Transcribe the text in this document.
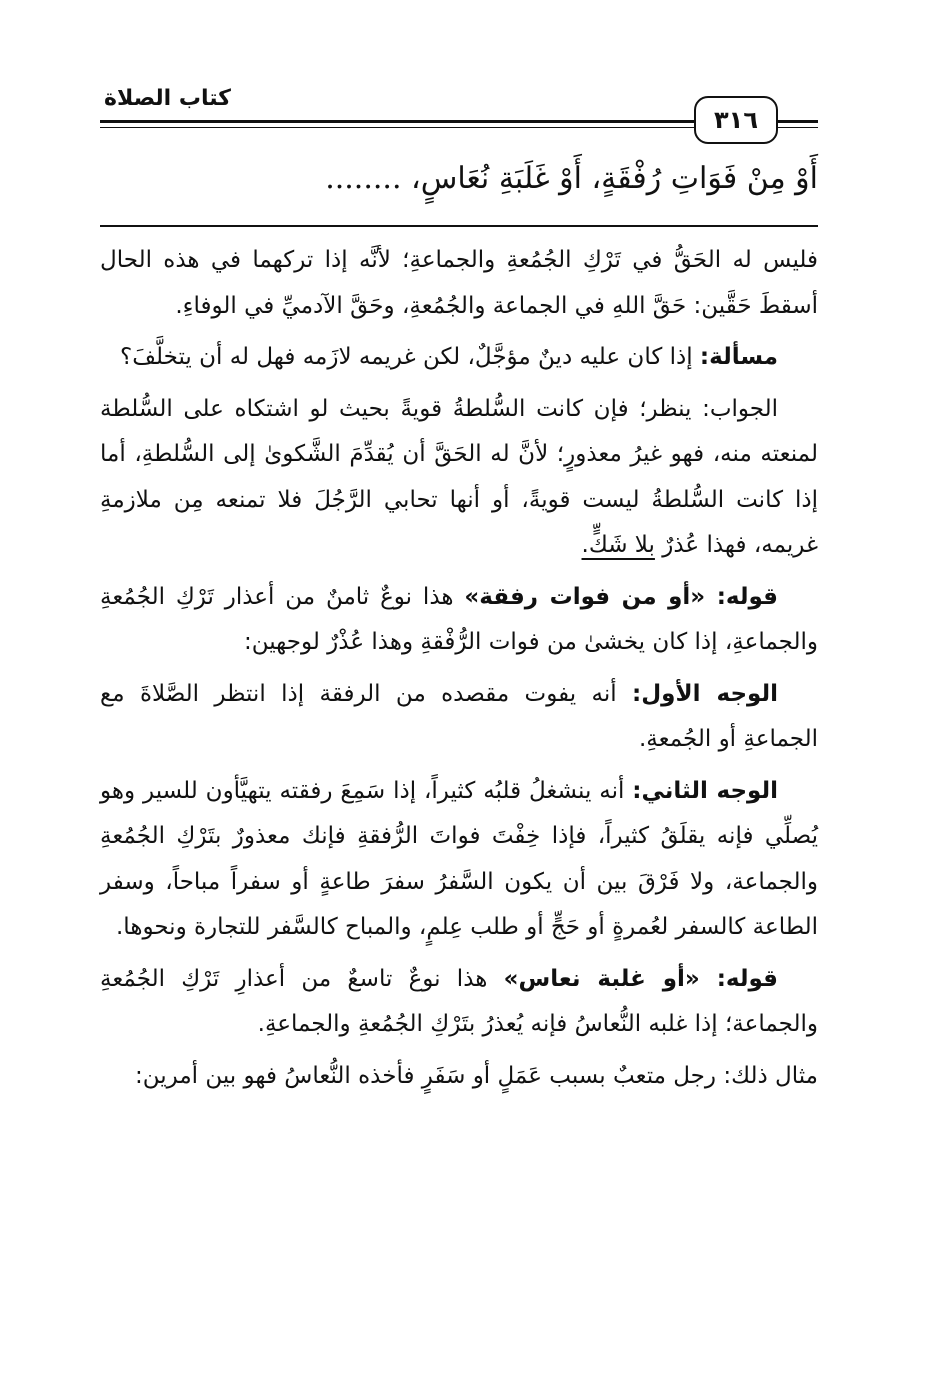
كتاب الصلاة
٣١٦
أَوْ مِنْ فَوَاتِ رُفْقَةٍ، أَوْ غَلَبَةِ نُعَاسٍ، ........

فليس له الحَقُّ في تَرْكِ الجُمُعةِ والجماعةِ؛ لأنَّه إذا تركهما في هذه الحال أسقطَ حَقَّين: حَقَّ اللهِ في الجماعة والجُمُعةِ، وحَقَّ الآدميِّ في الوفاءِ.

مسألة: إذا كان عليه دينٌ مؤجَّلٌ، لكن غريمه لازَمه فهل له أن يتخلَّفَ؟

الجواب: ينظر؛ فإن كانت السُّلطةُ قويةً بحيث لو اشتكاه على السُّلطة لمنعته منه، فهو غيرُ معذورٍ؛ لأنَّ له الحَقَّ أن يُقدِّمَ الشَّكوىٰ إلى السُّلطةِ، أما إذا كانت السُّلطةُ ليست قويةً، أو أنها تحابي الرَّجُلَ فلا تمنعه مِن ملازمةِ غريمه، فهذا عُذرٌ بلا شَكٍّ.

قوله: «أو من فوات رفقة» هذا نوعٌ ثامنٌ من أعذار تَرْكِ الجُمُعةِ والجماعةِ، إذا كان يخشىٰ من فوات الرُّفْقةِ وهذا عُذْرٌ لوجهين:

الوجه الأول: أنه يفوت مقصده من الرفقة إذا انتظر الصَّلاةَ مع الجماعةِ أو الجُمعةِ.

الوجه الثاني: أنه ينشغلُ قلبُه كثيراً، إذا سَمِعَ رفقته يتهيَّأون للسير وهو يُصلِّي فإنه يقلَقُ كثيراً، فإذا خِفْتَ فواتَ الرُّفقةِ فإنك معذورٌ بتَرْكِ الجُمُعةِ والجماعة، ولا فَرْقَ بين أن يكون السَّفرُ سفرَ طاعةٍ أو سفراً مباحاً، وسفر الطاعة كالسفر لعُمرةٍ أو حَجٍّ أو طلب عِلمٍ، والمباح كالسَّفر للتجارة ونحوها.

قوله: «أو غلبة نعاس» هذا نوعٌ تاسعٌ من أعذارِ تَرْكِ الجُمُعةِ والجماعة؛ إذا غلبه النُّعاسُ فإنه يُعذرُ بتَرْكِ الجُمُعةِ والجماعةِ.

مثال ذلك: رجل متعبٌ بسبب عَمَلٍ أو سَفَرٍ فأخذه النُّعاسُ فهو بين أمرين:
